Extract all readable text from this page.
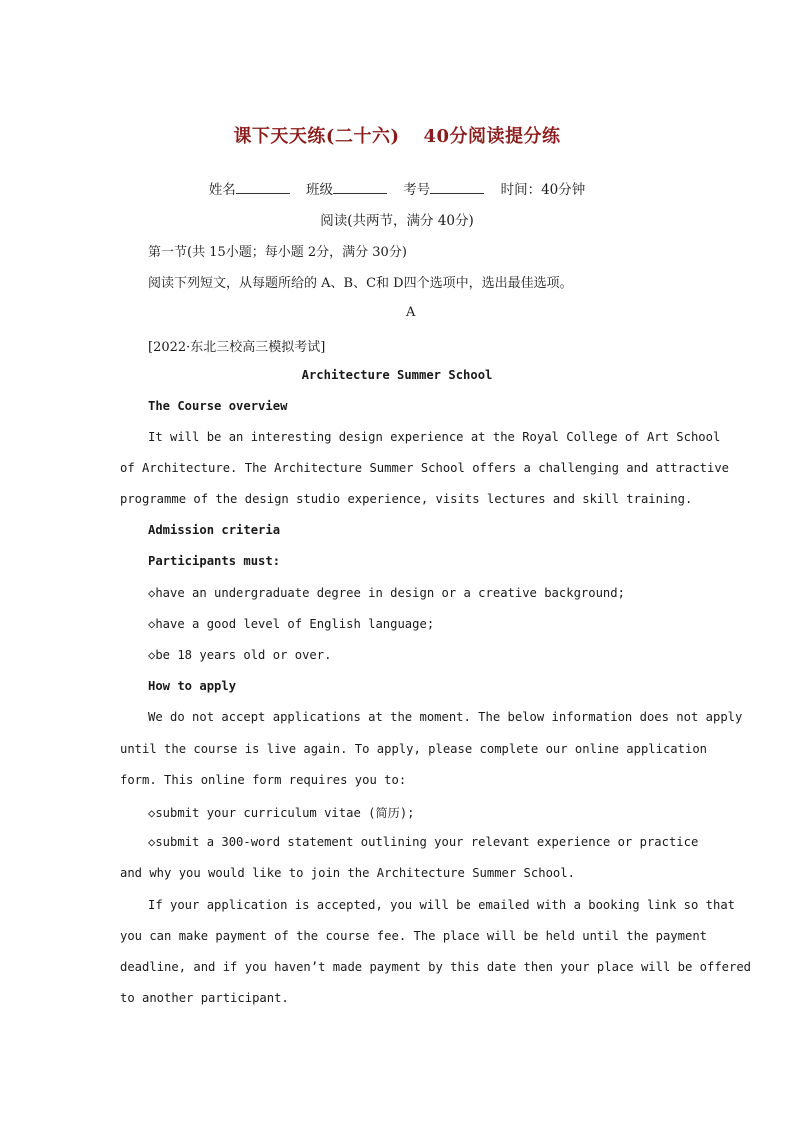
课下天天练(二十六) 40分阅读提分练
姓名	班级	考号	时间：40分钟
阅读(共两节，满分 40分)
第一节(共 15小题；每小题 2分，满分 30分)
阅读下列短文，从每题所给的 A、B、C和 D四个选项中，选出最佳选项。
A
[2022·东北三校高三模拟考试]
Architecture Summer School
The Course overview
It will be an interesting design experience at the Royal College of Art School
of Architecture. The Architecture Summer School offers a challenging and attractive
programme of the design studio experience, visits lectures and skill training.
Admission criteria
Participants must:
◇have an undergraduate degree in design or a creative background;
◇have a good level of English language;
◇be 18 years old or over.
How to apply
We do not accept applications at the moment. The below information does not apply
until the course is live again. To apply, please complete our online application
form. This online form requires you to:
◇submit your curriculum vitae (简历);
◇submit a 300-word statement outlining your relevant experience or practice
and why you would like to join the Architecture Summer School.
If your application is accepted, you will be emailed with a booking link so that
you can make payment of the course fee. The place will be held until the payment
deadline, and if you haven’t made payment by this date then your place will be offered
to another participant.
